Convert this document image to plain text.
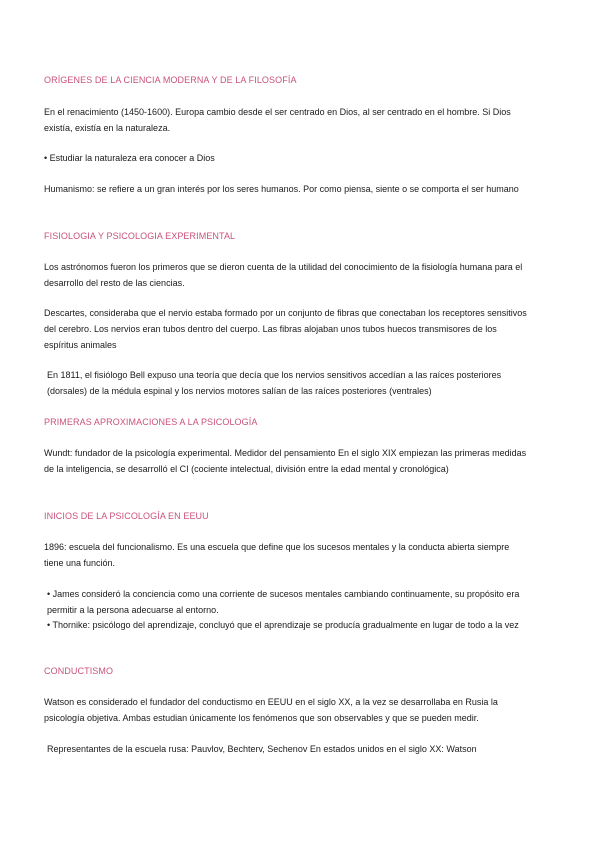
ORÍGENES DE LA CIENCIA MODERNA Y DE LA FILOSOFÍA

En el renacimiento (1450-1600). Europa cambio desde el ser centrado en Dios, al ser centrado en el hombre. Si Dios existía, existía en la naturaleza.

• Estudiar la naturaleza era conocer a Dios

Humanismo: se refiere a un gran interés por los seres humanos. Por como piensa, siente o se comporta el ser humano

FISIOLOGIA Y PSICOLOGIA EXPERIMENTAL

Los astrónomos fueron los primeros que se dieron cuenta de la utilidad del conocimiento de la fisiología humana para el desarrollo del resto de las ciencias.

Descartes, consideraba que el nervio estaba formado por un conjunto de fibras que conectaban los receptores sensitivos del cerebro. Los nervios eran tubos dentro del cuerpo. Las fibras alojaban unos tubos huecos transmisores de los espíritus animales

En 1811, el fisiólogo Bell expuso una teoría que decía que los nervios sensitivos accedían a las raíces posteriores (dorsales) de la médula espinal y los nervios motores salían de las raíces posteriores (ventrales)

PRIMERAS APROXIMACIONES A LA PSICOLOGÍA

Wundt: fundador de la psicología experimental. Medidor del pensamiento En el siglo XIX empiezan las primeras medidas de la inteligencia, se desarrolló el CI (cociente intelectual, división entre la edad mental y cronológica)

INICIOS DE LA PSICOLOGÍA EN EEUU

1896: escuela del funcionalismo. Es una escuela que define que los sucesos mentales y la conducta abierta siempre tiene una función.

• James consideró la conciencia como una corriente de sucesos mentales cambiando continuamente, su propósito era permitir a la persona adecuarse al entorno.

• Thornike: psicólogo del aprendizaje, concluyó que el aprendizaje se producía gradualmente en lugar de todo a la vez

CONDUCTISMO

Watson es considerado el fundador del conductismo en EEUU en el siglo XX, a la vez se desarrollaba en Rusia la psicología objetiva. Ambas estudian únicamente los fenómenos que son observables y que se pueden medir.

Representantes de la escuela rusa: Pauvlov, Bechterv, Sechenov En estados unidos en el siglo XX: Watson
